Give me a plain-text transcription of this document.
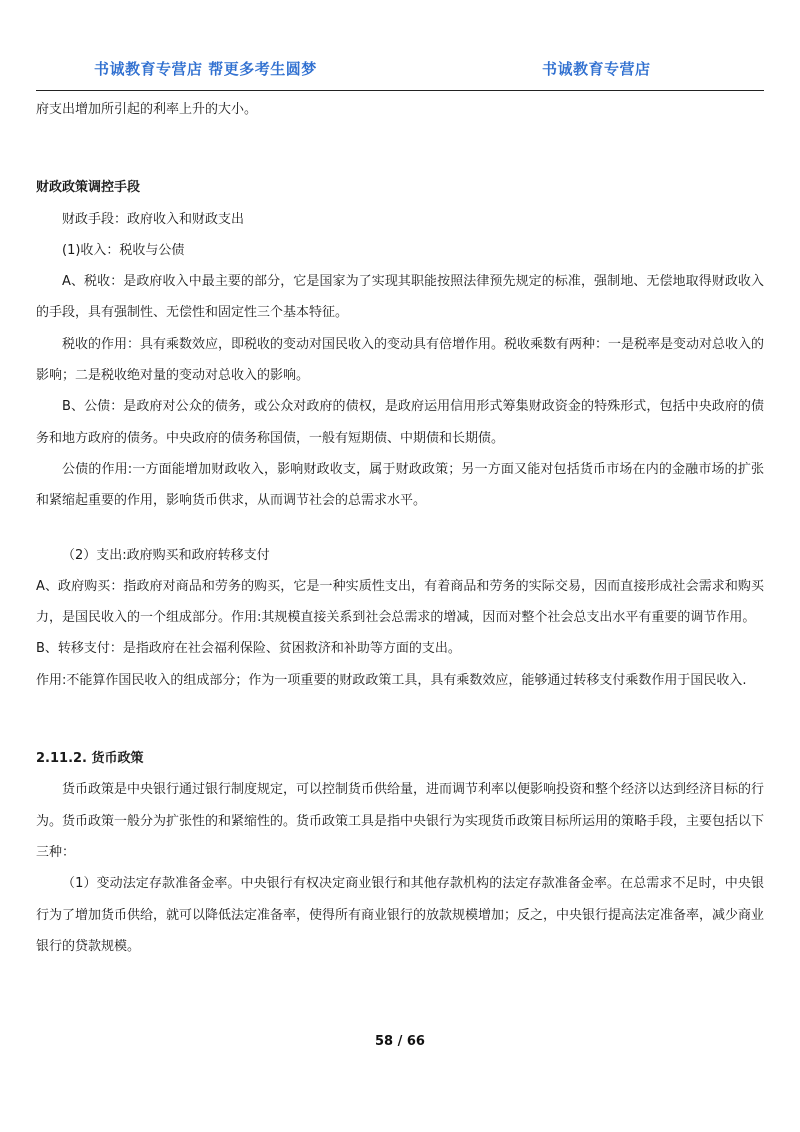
书诚教育专营店 帮更多考生圆梦	书诚教育专营店

府支出增加所引起的利率上升的大小。

财政政策调控手段

财政手段：政府收入和财政支出

(1)收入：税收与公债

A、税收：是政府收入中最主要的部分，它是国家为了实现其职能按照法律预先规定的标准，强制地、无偿地取得财政收入的手段，具有强制性、无偿性和固定性三个基本特征。

税收的作用：具有乘数效应，即税收的变动对国民收入的变动具有倍增作用。税收乘数有两种：一是税率是变动对总收入的影响；二是税收绝对量的变动对总收入的影响。

B、公债：是政府对公众的债务，或公众对政府的债权，是政府运用信用形式筹集财政资金的特殊形式，包括中央政府的债务和地方政府的债务。中央政府的债务称国债，一般有短期债、中期债和长期债。

公债的作用:一方面能增加财政收入，影响财政收支，属于财政政策；另一方面又能对包括货币市场在内的金融市场的扩张和紧缩起重要的作用，影响货币供求，从而调节社会的总需求水平。

（2）支出:政府购买和政府转移支付

A、政府购买：指政府对商品和劳务的购买，它是一种实质性支出，有着商品和劳务的实际交易，因而直接形成社会需求和购买力，是国民收入的一个组成部分。作用:其规模直接关系到社会总需求的增减，因而对整个社会总支出水平有重要的调节作用。

B、转移支付：是指政府在社会福利保险、贫困救济和补助等方面的支出。

作用:不能算作国民收入的组成部分；作为一项重要的财政政策工具，具有乘数效应，能够通过转移支付乘数作用于国民收入.

2.11.2. 货币政策

货币政策是中央银行通过银行制度规定，可以控制货币供给量，进而调节利率以便影响投资和整个经济以达到经济目标的行为。货币政策一般分为扩张性的和紧缩性的。货币政策工具是指中央银行为实现货币政策目标所运用的策略手段，主要包括以下三种：

（1）变动法定存款准备金率。中央银行有权决定商业银行和其他存款机构的法定存款准备金率。在总需求不足时，中央银行为了增加货币供给，就可以降低法定准备率，使得所有商业银行的放款规模增加；反之，中央银行提高法定准备率，减少商业银行的贷款规模。

58 / 66
